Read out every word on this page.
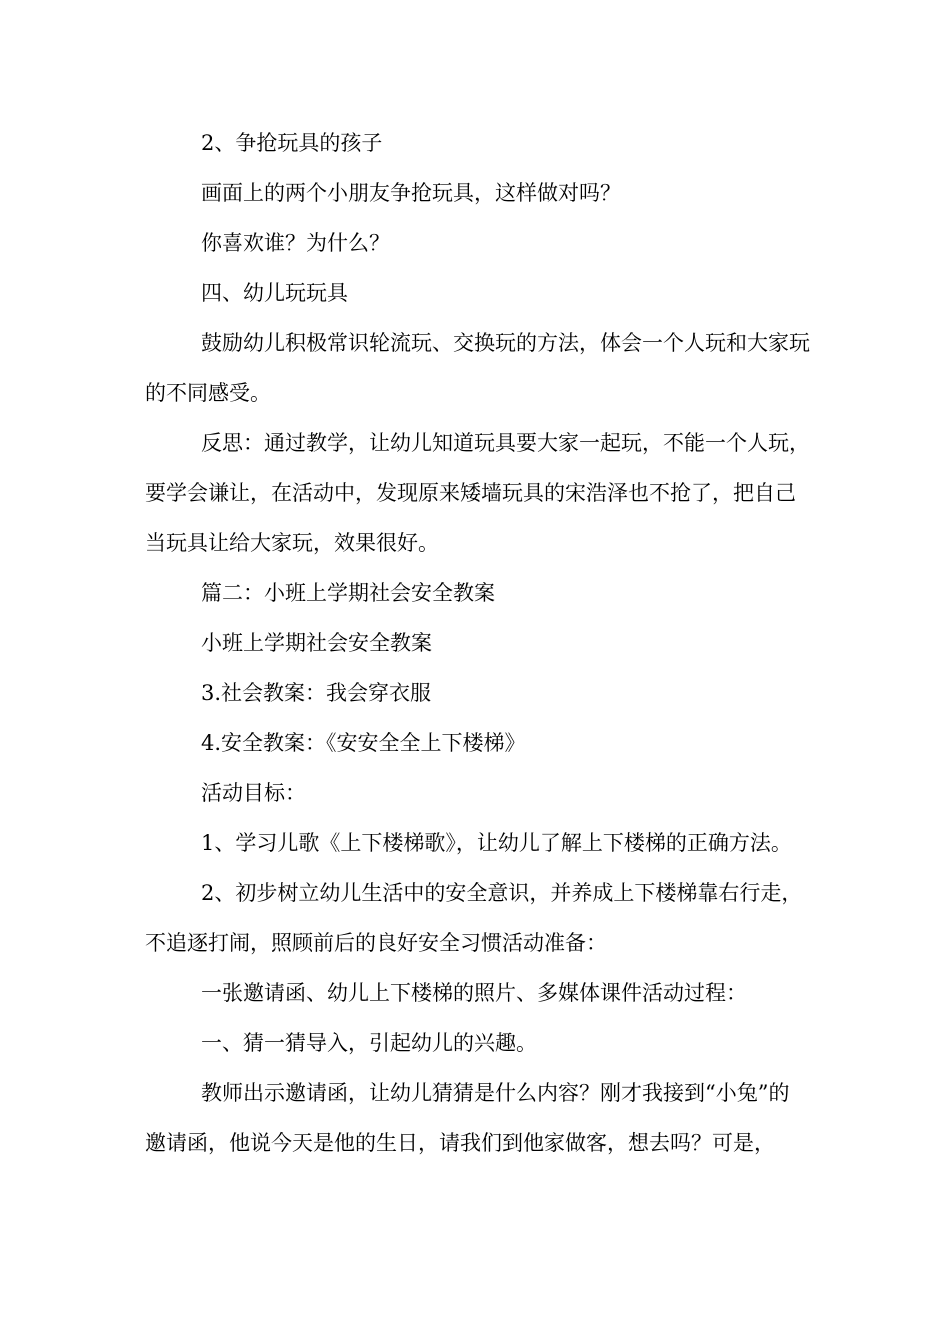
2、争抢玩具的孩子

画面上的两个小朋友争抢玩具，这样做对吗？

你喜欢谁？为什么？

四、幼儿玩玩具

鼓励幼儿积极常识轮流玩、交换玩的方法，体会一个人玩和大家玩的不同感受。

反思：通过教学，让幼儿知道玩具要大家一起玩，不能一个人玩，要学会谦让，在活动中，发现原来矮墙玩具的宋浩泽也不抢了，把自己当玩具让给大家玩，效果很好。

篇二：小班上学期社会安全教案

小班上学期社会安全教案

3.社会教案：我会穿衣服

4.安全教案：《安安全全上下楼梯》

活动目标：

1、学习儿歌《上下楼梯歌》，让幼儿了解上下楼梯的正确方法。

2、初步树立幼儿生活中的安全意识，并养成上下楼梯靠右行走，不追逐打闹，照顾前后的良好安全习惯活动准备：

一张邀请函、幼儿上下楼梯的照片、多媒体课件活动过程：

一、猜一猜导入，引起幼儿的兴趣。

教师出示邀请函，让幼儿猜猜是什么内容？刚才我接到“小兔”的邀请函，他说今天是他的生日，请我们到他家做客，想去吗？可是，
